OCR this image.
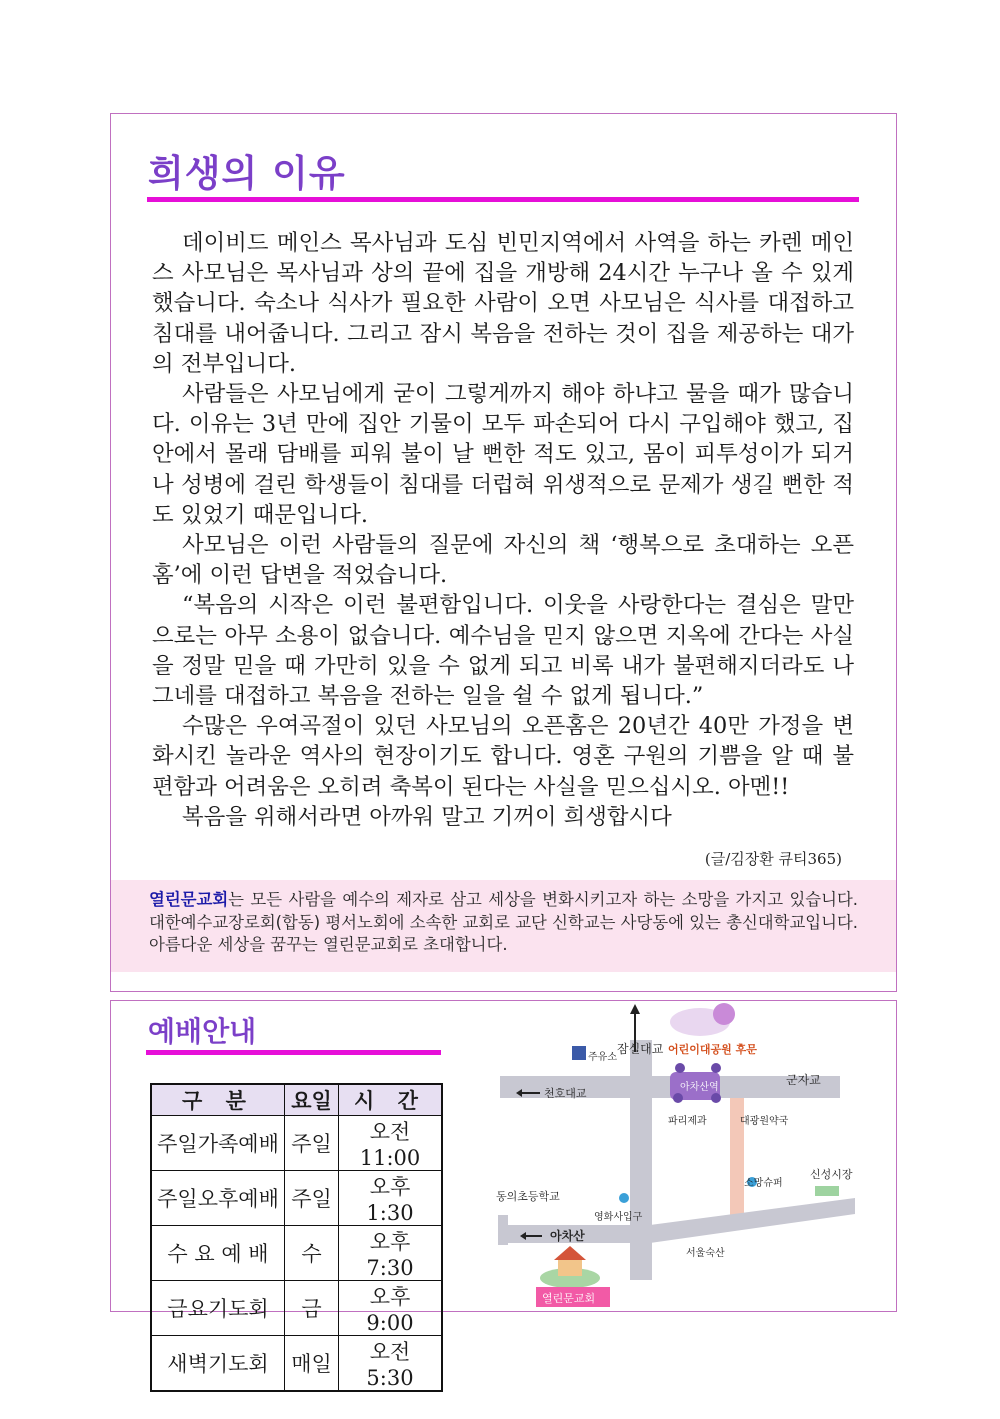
희생의 이유

데이비드 메인스 목사님과 도심 빈민지역에서 사역을 하는 카렌 메인스 사모님은 목사님과 상의 끝에 집을 개방해 24시간 누구나 올 수 있게 했습니다. 숙소나 식사가 필요한 사람이 오면 사모님은 식사를 대접하고 침대를 내어줍니다. 그리고 잠시 복음을 전하는 것이 집을 제공하는 대가의 전부입니다.

사람들은 사모님에게 굳이 그렇게까지 해야 하냐고 물을 때가 많습니다. 이유는 3년 만에 집안 기물이 모두 파손되어 다시 구입해야 했고, 집안에서 몰래 담배를 피워 불이 날 뻔한 적도 있고, 몸이 피투성이가 되거나 성병에 걸린 학생들이 침대를 더럽혀 위생적으로 문제가 생길 뻔한 적도 있었기 때문입니다.

사모님은 이런 사람들의 질문에 자신의 책 ‘행복으로 초대하는 오픈홈’에 이런 답변을 적었습니다.

“복음의 시작은 이런 불편함입니다. 이웃을 사랑한다는 결심은 말만으로는 아무 소용이 없습니다. 예수님을 믿지 않으면 지옥에 간다는 사실을 정말 믿을 때 가만히 있을 수 없게 되고 비록 내가 불편해지더라도 나그네를 대접하고 복음을 전하는 일을 쉴 수 없게 됩니다.”

수많은 우여곡절이 있던 사모님의 오픈홈은 20년간 40만 가정을 변화시킨 놀라운 역사의 현장이기도 합니다. 영혼 구원의 기쁨을 알 때 불편함과 어려움은 오히려 축복이 된다는 사실을 믿으십시오. 아멘!!

복음을 위해서라면 아까워 말고 기꺼이 희생합시다

(글/김장환 큐티365)
열린문교회는 모든 사람을 예수의 제자로 삼고 세상을 변화시키고자 하는 소망을 가지고 있습니다. 대한예수교장로회(합동) 평서노회에 소속한 교회로 교단 신학교는 사당동에 있는 총신대학교입니다. 아름다운 세상을 꿈꾸는 열린문교회로 초대합니다.
예배안내
구 분	요일	시 간
주일가족예배	주일	오전11:00
주일오후예배	주일	오후 1:30
수 요 예 배	수	오후 7:30
금요기도회	금	오후 9:00
새벽기도회	매일	오전 5:30
잠실대교 어린이대공원 후문
주유소
천호대교
군자교
아차산역
파리제과	대광원약국
소망슈퍼
신성시장
동의초등학교
영화사입구
아차산
서울숙산
열린문교회
